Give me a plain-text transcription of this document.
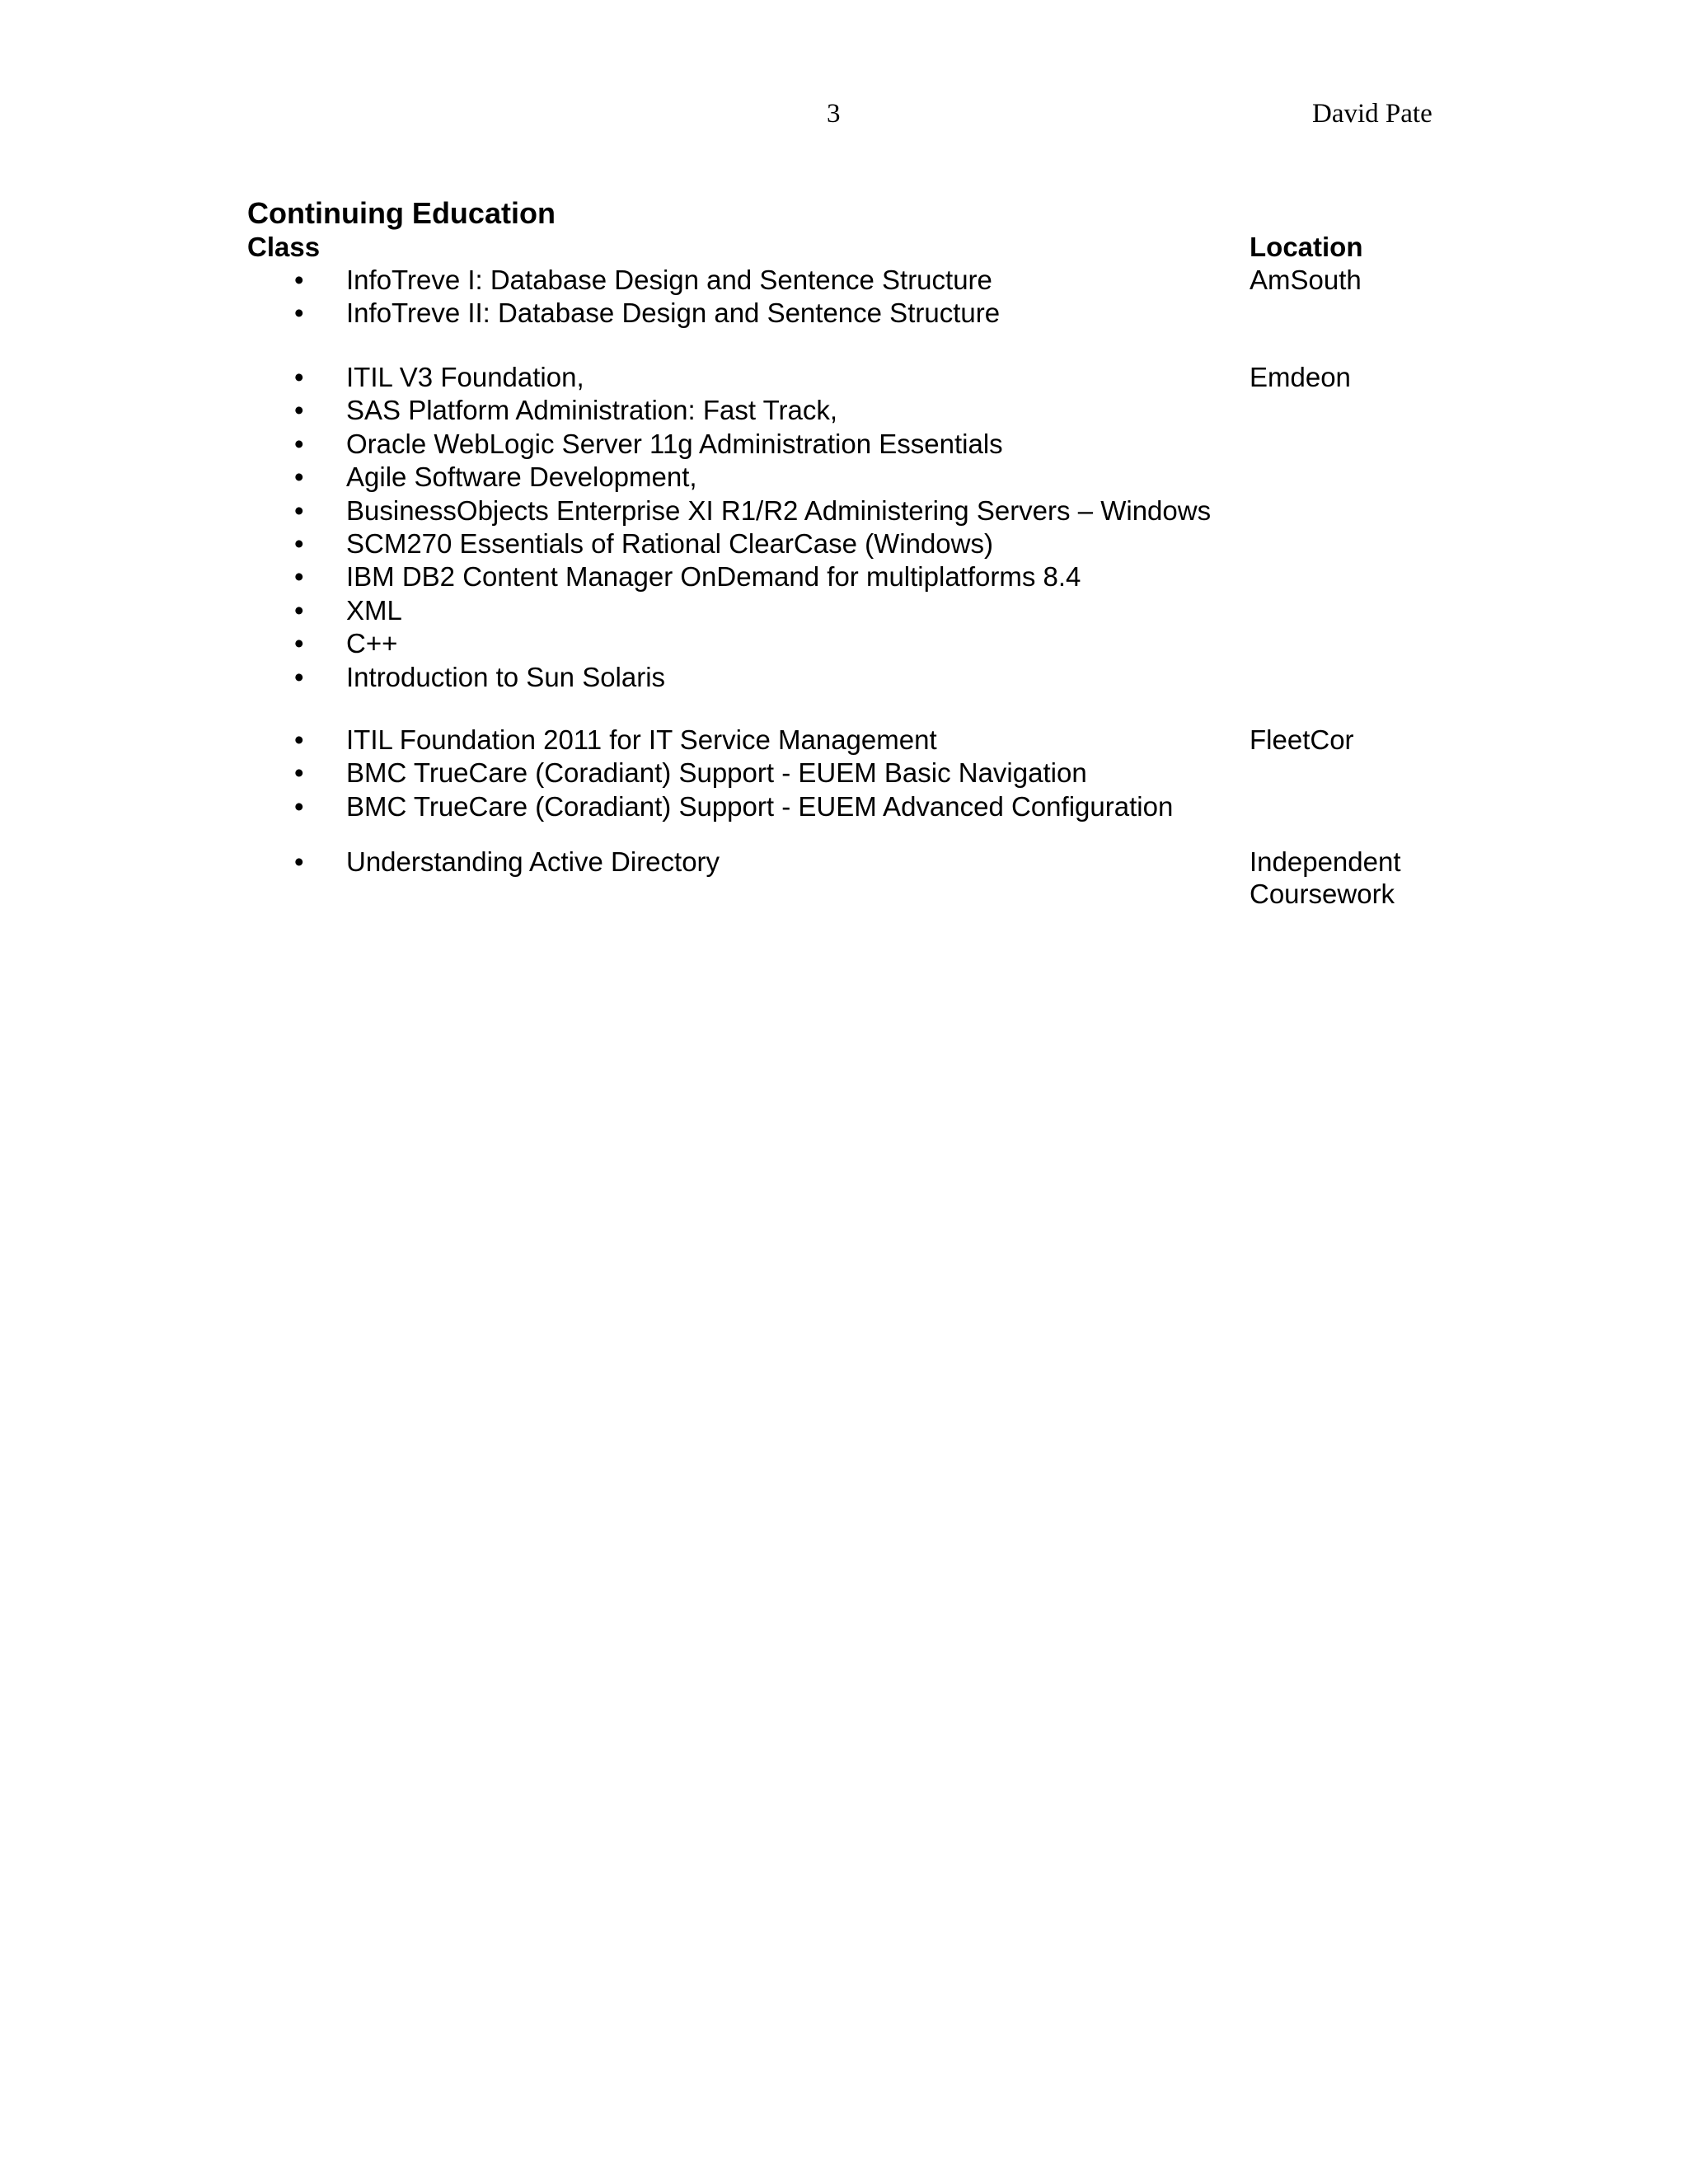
3	David Pate
Continuing Education
Class	Location
AmSouth
• InfoTreve I: Database Design and Sentence Structure
• InfoTreve II: Database Design and Sentence Structure
Emdeon
• ITIL V3 Foundation,
• SAS Platform Administration: Fast Track,
• Oracle WebLogic Server 11g Administration Essentials
• Agile Software Development,
• BusinessObjects Enterprise XI R1/R2 Administering Servers – Windows
• SCM270 Essentials of Rational ClearCase (Windows)
• IBM DB2 Content Manager OnDemand for multiplatforms 8.4
• XML
• C++
• Introduction to Sun Solaris
FleetCor
• ITIL Foundation 2011 for IT Service Management
• BMC TrueCare (Coradiant) Support - EUEM Basic Navigation
• BMC TrueCare (Coradiant) Support - EUEM Advanced Configuration
Independent
Coursework
• Understanding Active Directory
